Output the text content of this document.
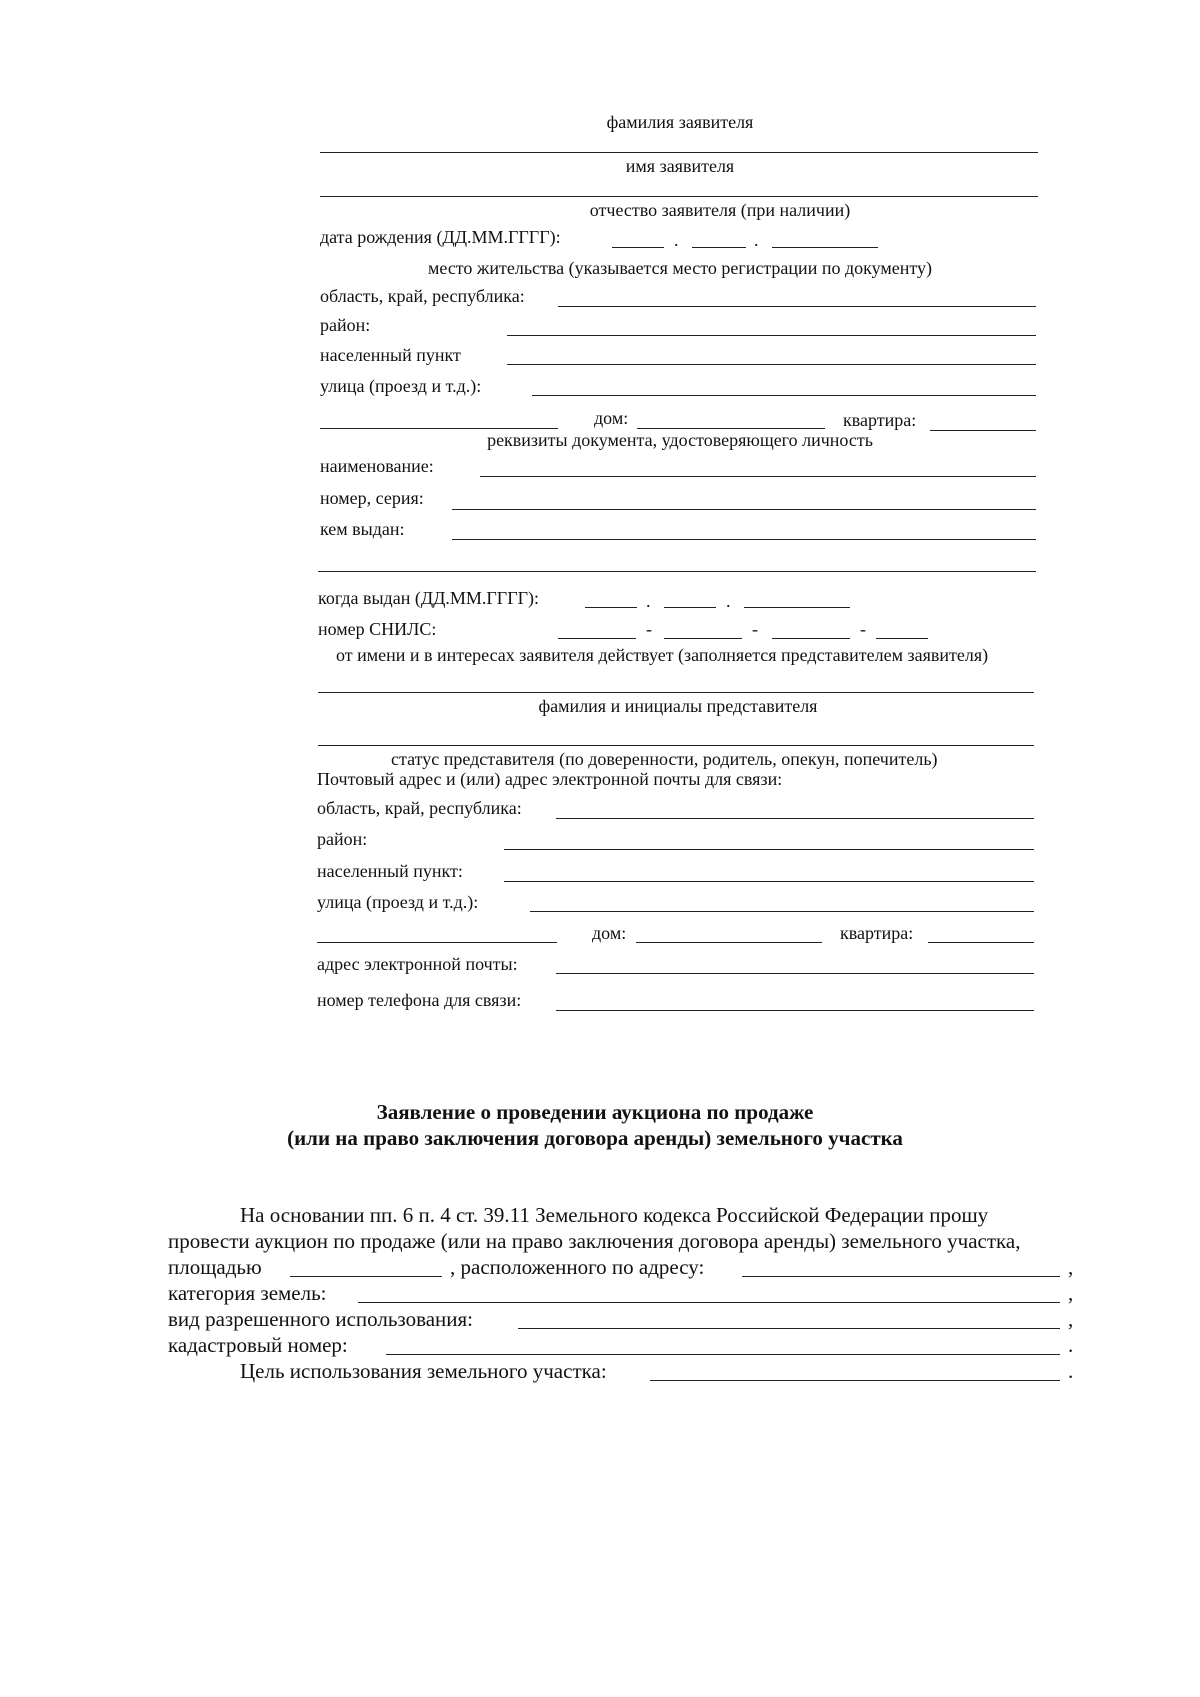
фамилия заявителя
имя заявителя
отчество заявителя (при наличии)
дата рождения (ДД.ММ.ГГГГ):	.	.
место жительства (указывается место регистрации по документу)
область, край, республика:
район:
населенный пункт
улица (проезд и т.д.):
дом:	квартира:
реквизиты документа, удостоверяющего личность
наименование:
номер, серия:
кем выдан:
когда выдан (ДД.ММ.ГГГГ):	.	.
номер СНИЛС:	-	-	-
от имени и в интересах заявителя действует (заполняется представителем заявителя)
фамилия и инициалы представителя
статус представителя (по доверенности, родитель, опекун, попечитель)
Почтовый адрес и (или) адрес электронной почты для связи:
область, край, республика:
район:
населенный пункт:
улица (проезд и т.д.):
дом:	квартира:
адрес электронной почты:
номер телефона для связи:
Заявление о проведении аукциона по продаже
(или на право заключения договора аренды) земельного участка
На основании пп. 6 п. 4 ст. 39.11 Земельного кодекса Российской Федерации прошу
провести аукцион по продаже (или на право заключения договора аренды) земельного участка,
площадью	, расположенного по адресу:	,
категория земель:	,
вид разрешенного использования:	,
кадастровый номер:	.
Цель использования земельного участка:	.
